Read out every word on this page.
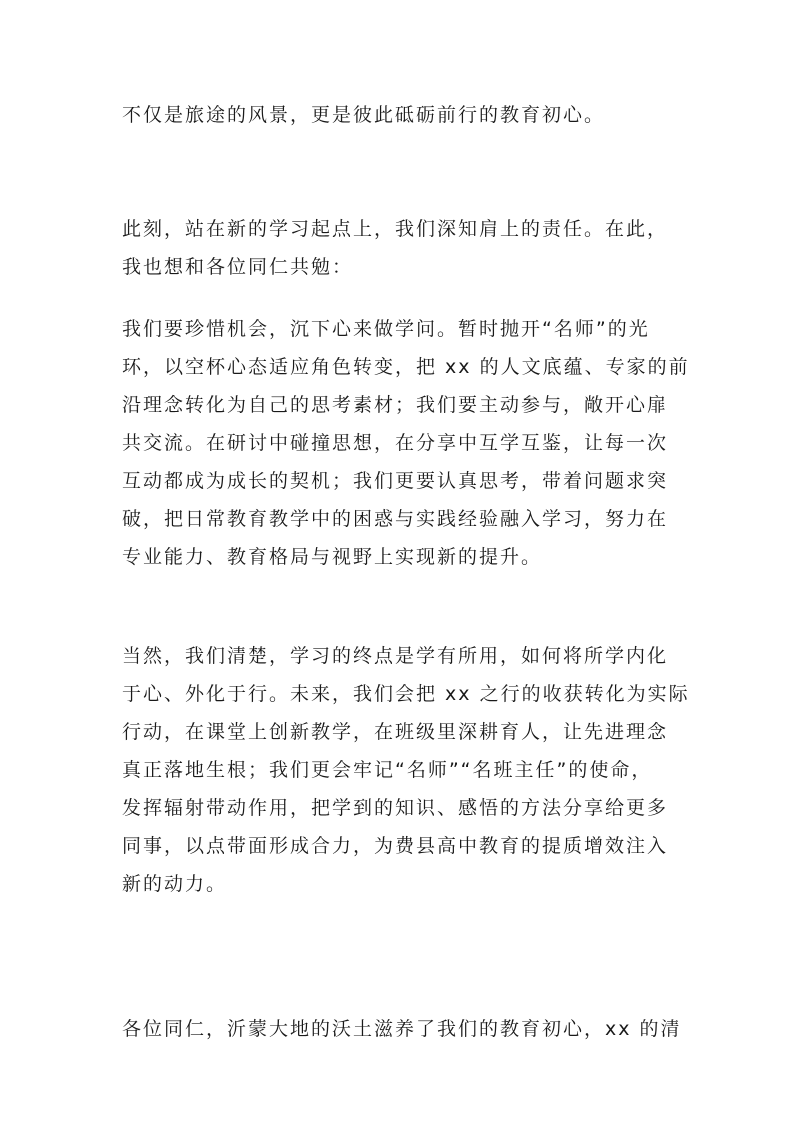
不仅是旅途的风景，更是彼此砥砺前行的教育初心。

此刻，站在新的学习起点上，我们深知肩上的责任。在此，
我也想和各位同仁共勉：

我们要珍惜机会，沉下心来做学问。暂时抛开“名师”的光
环，以空杯心态适应角色转变，把 xx 的人文底蕴、专家的前
沿理念转化为自己的思考素材；我们要主动参与，敞开心扉
共交流。在研讨中碰撞思想，在分享中互学互鉴，让每一次
互动都成为成长的契机；我们更要认真思考，带着问题求突
破，把日常教育教学中的困惑与实践经验融入学习，努力在
专业能力、教育格局与视野上实现新的提升。

当然，我们清楚，学习的终点是学有所用，如何将所学内化
于心、外化于行。未来，我们会把 xx 之行的收获转化为实际
行动，在课堂上创新教学，在班级里深耕育人，让先进理念
真正落地生根；我们更会牢记“名师”“名班主任”的使命，
发挥辐射带动作用，把学到的知识、感悟的方法分享给更多
同事，以点带面形成合力，为费县高中教育的提质增效注入
新的动力。

各位同仁，沂蒙大地的沃土滋养了我们的教育初心，xx 的清
